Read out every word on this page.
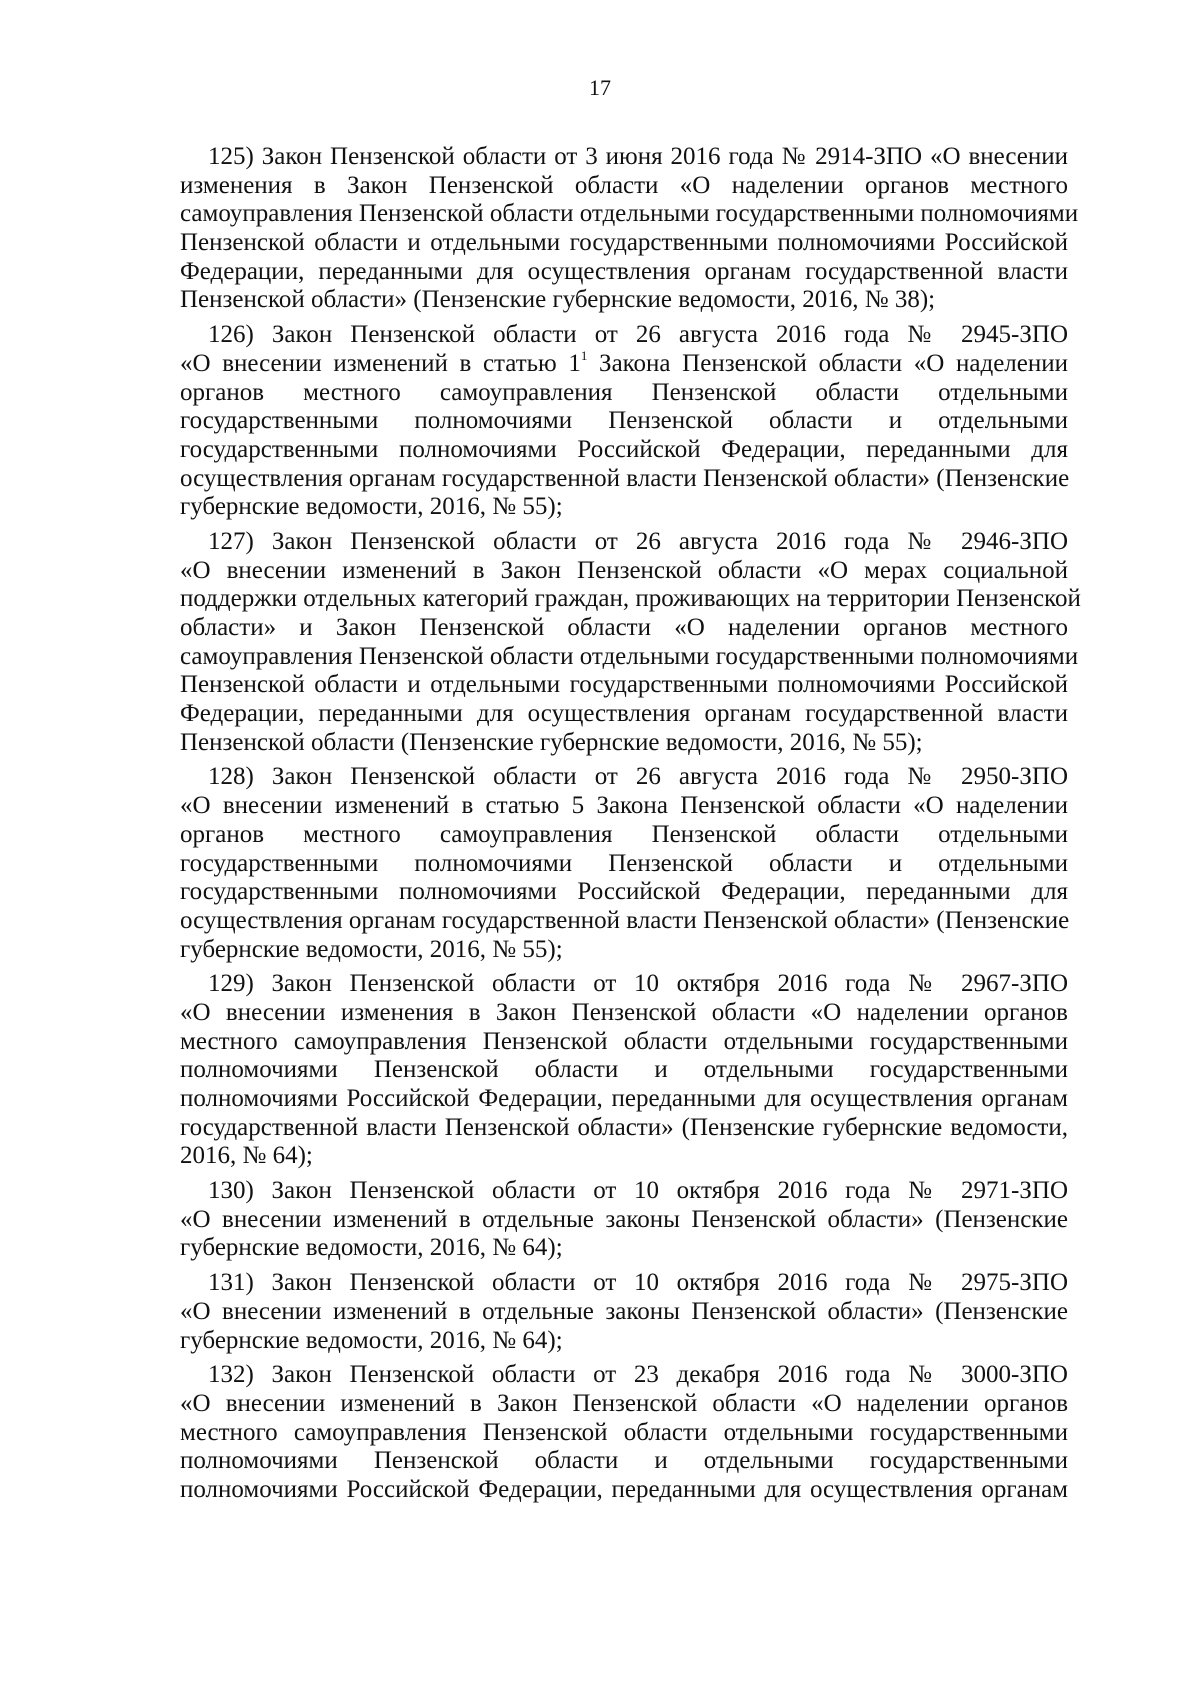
17
125) Закон Пензенской области от 3 июня 2016 года № 2914-ЗПО «О внесении
изменения в Закон Пензенской области «О наделении органов местного
самоуправления Пензенской области отдельными государственными полномочиями
Пензенской области и отдельными государственными полномочиями Российской
Федерации, переданными для осуществления органам государственной власти
Пензенской области» (Пензенские губернские ведомости, 2016, № 38);
126) Закон Пензенской области от 26 августа 2016 года № 2945-ЗПО
«О внесении изменений в статью $1^1$ Закона Пензенской области «О наделении
органов местного самоуправления Пензенской области отдельными
государственными полномочиями Пензенской области и отдельными
государственными полномочиями Российской Федерации, переданными для
осуществления органам государственной власти Пензенской области» (Пензенские
губернские ведомости, 2016, № 55);
127) Закон Пензенской области от 26 августа 2016 года № 2946-ЗПО
«О внесении изменений в Закон Пензенской области «О мерах социальной
поддержки отдельных категорий граждан, проживающих на территории Пензенской
области» и Закон Пензенской области «О наделении органов местного
самоуправления Пензенской области отдельными государственными полномочиями
Пензенской области и отдельными государственными полномочиями Российской
Федерации, переданными для осуществления органам государственной власти
Пензенской области (Пензенские губернские ведомости, 2016, № 55);
128) Закон Пензенской области от 26 августа 2016 года № 2950-ЗПО
«О внесении изменений в статью 5 Закона Пензенской области «О наделении
органов местного самоуправления Пензенской области отдельными
государственными полномочиями Пензенской области и отдельными
государственными полномочиями Российской Федерации, переданными для
осуществления органам государственной власти Пензенской области» (Пензенские
губернские ведомости, 2016, № 55);
129) Закон Пензенской области от 10 октября 2016 года № 2967-ЗПО
«О внесении изменения в Закон Пензенской области «О наделении органов
местного самоуправления Пензенской области отдельными государственными
полномочиями Пензенской области и отдельными государственными
полномочиями Российской Федерации, переданными для осуществления органам
государственной власти Пензенской области» (Пензенские губернские ведомости,
2016, № 64);
130) Закон Пензенской области от 10 октября 2016 года № 2971-ЗПО
«О внесении изменений в отдельные законы Пензенской области» (Пензенские
губернские ведомости, 2016, № 64);
131) Закон Пензенской области от 10 октября 2016 года № 2975-ЗПО
«О внесении изменений в отдельные законы Пензенской области» (Пензенские
губернские ведомости, 2016, № 64);
132) Закон Пензенской области от 23 декабря 2016 года № 3000-ЗПО
«О внесении изменений в Закон Пензенской области «О наделении органов
местного самоуправления Пензенской области отдельными государственными
полномочиями Пензенской области и отдельными государственными
полномочиями Российской Федерации, переданными для осуществления органам
